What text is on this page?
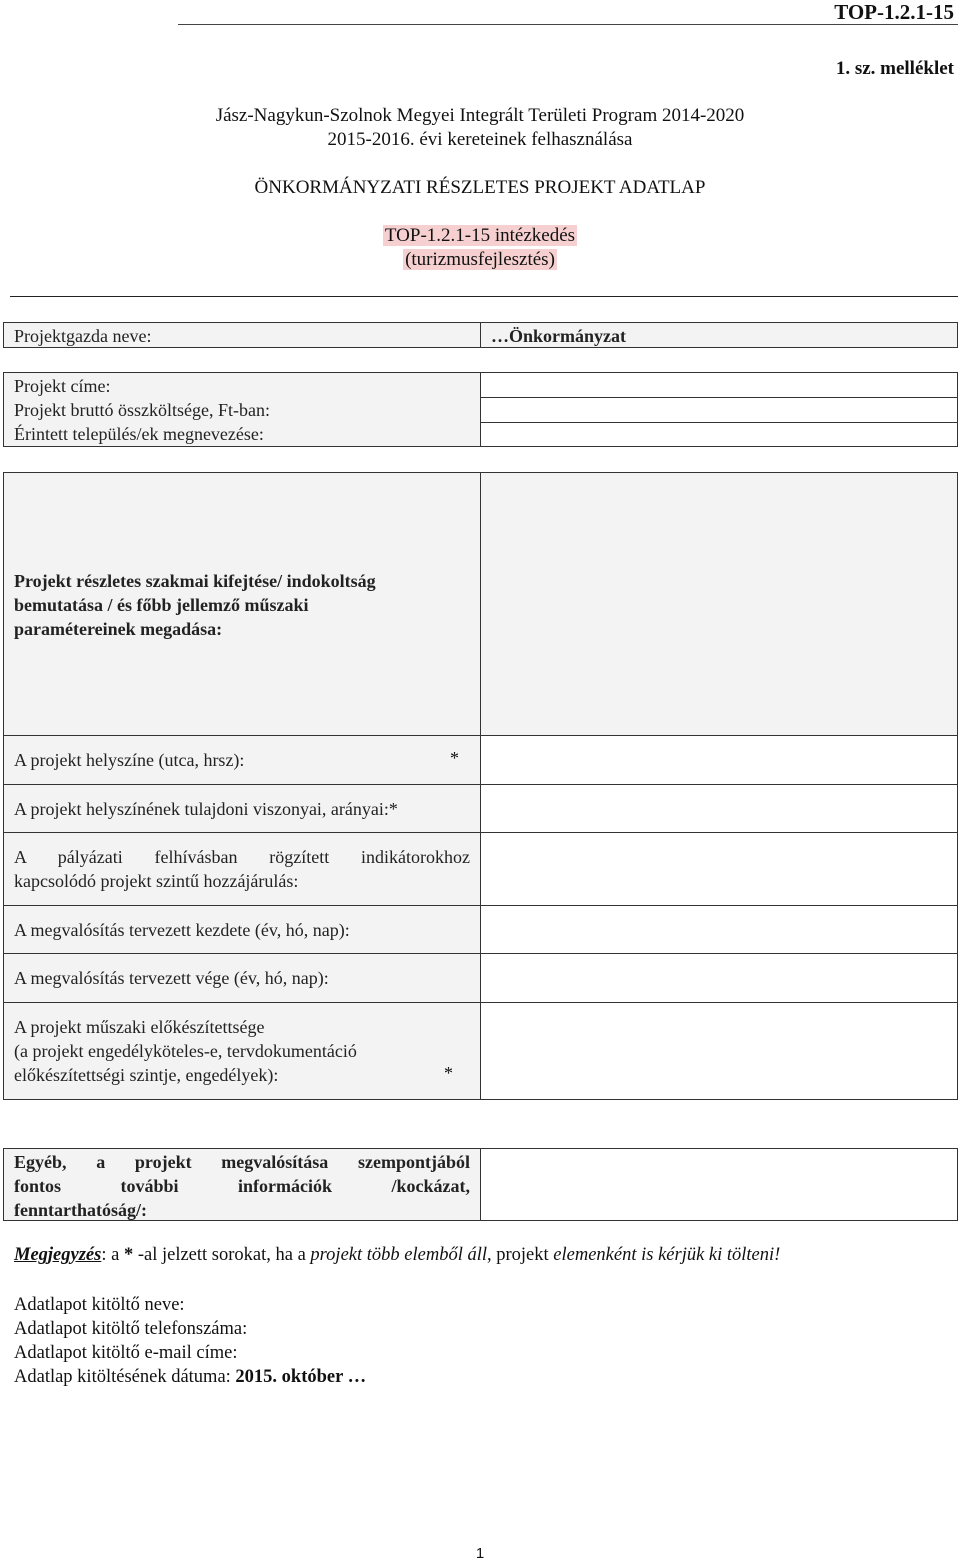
TOP-1.2.1-15
1. sz. melléklet
Jász-Nagykun-Szolnok Megyei Integrált Területi Program 2014-2020
2015-2016. évi kereteinek felhasználása
ÖNKORMÁNYZATI RÉSZLETES PROJEKT ADATLAP
TOP-1.2.1-15 intézkedés
(turizmusfejlesztés)
Projektgazda neve:	…Önkormányzat
Projekt címe:
Projekt bruttó összköltsége, Ft-ban:
Érintett település/ek megnevezése:
Projekt részletes szakmai kifejtése/ indokoltság
bemutatása / és főbb jellemző műszaki
paramétereinek megadása:
A projekt helyszíne (utca, hrsz):	*
A projekt helyszínének tulajdoni viszonyai, arányai:*
A pályázati felhívásban rögzített indikátorokhoz
kapcsolódó projekt szintű hozzájárulás:
A megvalósítás tervezett kezdete (év, hó, nap):
A megvalósítás tervezett vége (év, hó, nap):
A projekt műszaki előkészítettsége
(a projekt engedélyköteles-e, tervdokumentáció
előkészítettségi szintje, engedélyek):	*
Egyéb, a projekt megvalósítása szempontjából
fontos további információk /kockázat,
fenntarthatóság/:
Megjegyzés: a * -al jelzett sorokat, ha a projekt több elemből áll, projekt elemenként is kérjük ki tölteni!
Adatlapot kitöltő neve:
Adatlapot kitöltő telefonszáma:
Adatlapot kitöltő e-mail címe:
Adatlap kitöltésének dátuma: 2015. október …
1
